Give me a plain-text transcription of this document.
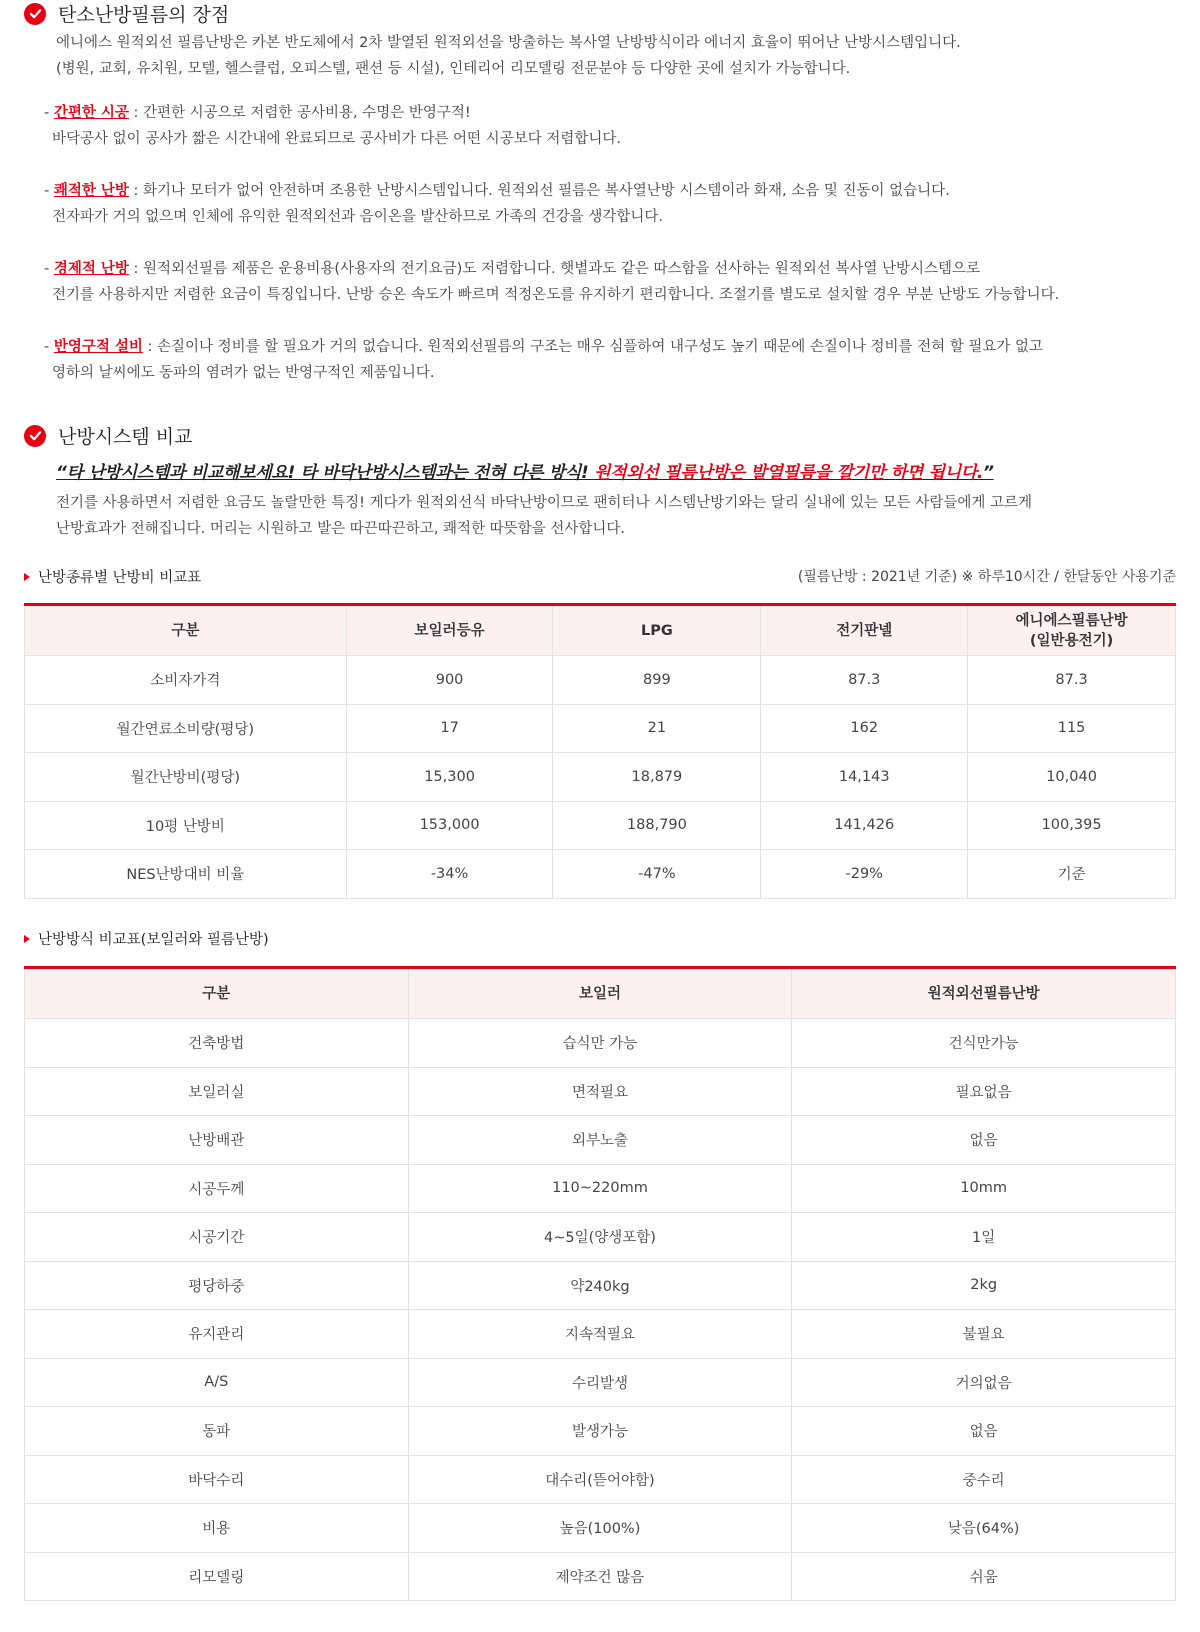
탄소난방필름의 장점
에니에스 원적외선 필름난방은 카본 반도체에서 2차 발열된 원적외선을 방출하는 복사열 난방방식이라 에너지 효율이 뛰어난 난방시스템입니다.
(병원, 교회, 유치원, 모텔, 헬스클럽, 오피스텔, 팬션 등 시설), 인테리어 리모델링 전문분야 등 다양한 곳에 설치가 가능합니다.
- 간편한 시공 : 간편한 시공으로 저렴한 공사비용, 수명은 반영구적!
바닥공사 없이 공사가 짧은 시간내에 완료되므로 공사비가 다른 어떤 시공보다 저렴합니다.
- 쾌적한 난방 : 화기나 모터가 없어 안전하며 조용한 난방시스템입니다. 원적외선 필름은 복사열난방 시스템이라 화재, 소음 및 진동이 없습니다.
전자파가 거의 없으며 인체에 유익한 원적외선과 음이온을 발산하므로 가족의 건강을 생각합니다.
- 경제적 난방 : 원적외선필름 제품은 운용비용(사용자의 전기요금)도 저렴합니다. 햇볕과도 같은 따스함을 선사하는 원적외선 복사열 난방시스템으로
전기를 사용하지만 저렴한 요금이 특징입니다. 난방 승온 속도가 빠르며 적정온도를 유지하기 편리합니다. 조절기를 별도로 설치할 경우 부분 난방도 가능합니다.
- 반영구적 설비 : 손질이나 정비를 할 필요가 거의 없습니다. 원적외선필름의 구조는 매우 심플하여 내구성도 높기 때문에 손질이나 정비를 전혀 할 필요가 없고
영하의 날씨에도 동파의 염려가 없는 반영구적인 제품입니다.
난방시스템 비교
“타 난방시스템과 비교해보세요! 타 바닥난방시스템과는 전혀 다른 방식! 원적외선 필름난방은 발열필름을 깔기만 하면 됩니다.”
전기를 사용하면서 저렴한 요금도 놀랄만한 특징! 게다가 원적외선식 바닥난방이므로 팬히터나 시스템난방기와는 달리 실내에 있는 모든 사람들에게 고르게
난방효과가 전해집니다. 머리는 시원하고 발은 따끈따끈하고, 쾌적한 따뜻함을 선사합니다.
난방종류별 난방비 비교표	(필름난방 : 2021년 기준) ※ 하루10시간 / 한달동안 사용기준
구분	보일러등유	LPG	전기판넬	에니에스필름난방
(일반용전기)
소비자가격	900	899	87.3	87.3
월간연료소비량(평당)	17	21	162	115
월간난방비(평당)	15,300	18,879	14,143	10,040
10평 난방비	153,000	188,790	141,426	100,395
NES난방대비 비율	-34%	-47%	-29%	기준
난방방식 비교표(보일러와 필름난방)
구분	보일러	원적외선필름난방
건축방법	습식만 가능	건식만가능
보일러실	면적필요	필요없음
난방배관	외부노출	없음
시공두께	110~220mm	10mm
시공기간	4~5일(양생포함)	1일
평당하중	약240kg	2kg
유지관리	지속적필요	불필요
A/S	수리발생	거의없음
동파	발생가능	없음
바닥수리	대수리(뜯어야함)	중수리
비용	높음(100%)	낮음(64%)
리모델링	제약조건 많음	쉬움
